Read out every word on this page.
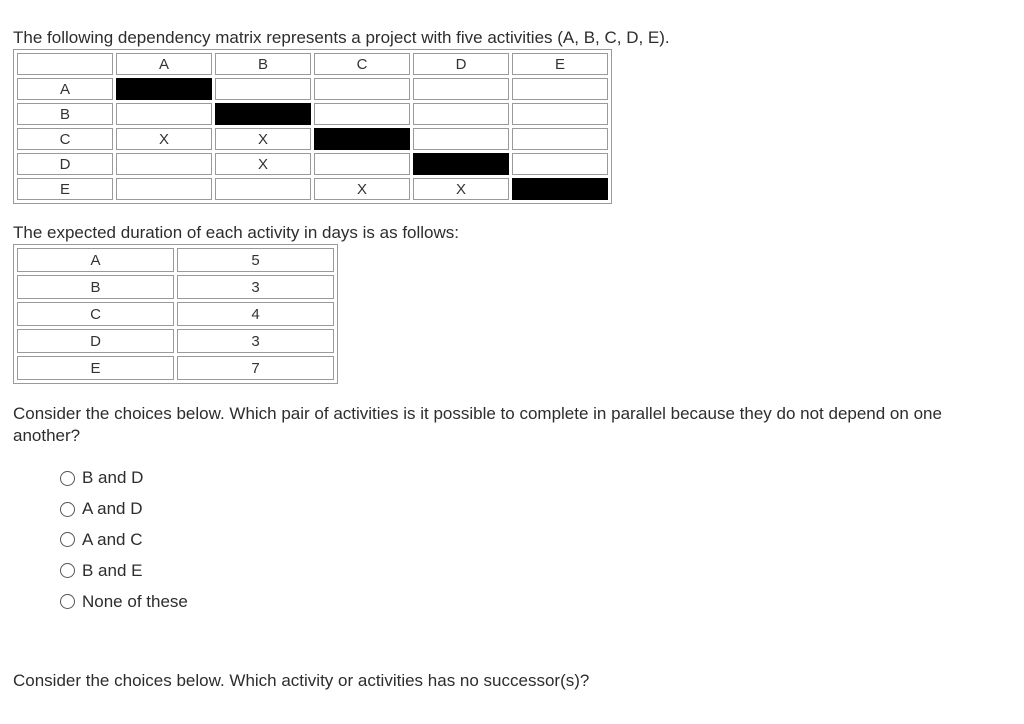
The following dependency matrix represents a project with five activities (A, B, C, D, E).

	A	B	C	D	E
A					
B					
C	X	X			
D		X			
E			X	X	

The expected duration of each activity in days is as follows:

A	5
B	3
C	4
D	3
E	7

Consider the choices below. Which pair of activities is it possible to complete in parallel because they do not depend on one another?

B and D
A and D
A and C
B and E
None of these

Consider the choices below. Which activity or activities has no successor(s)?
